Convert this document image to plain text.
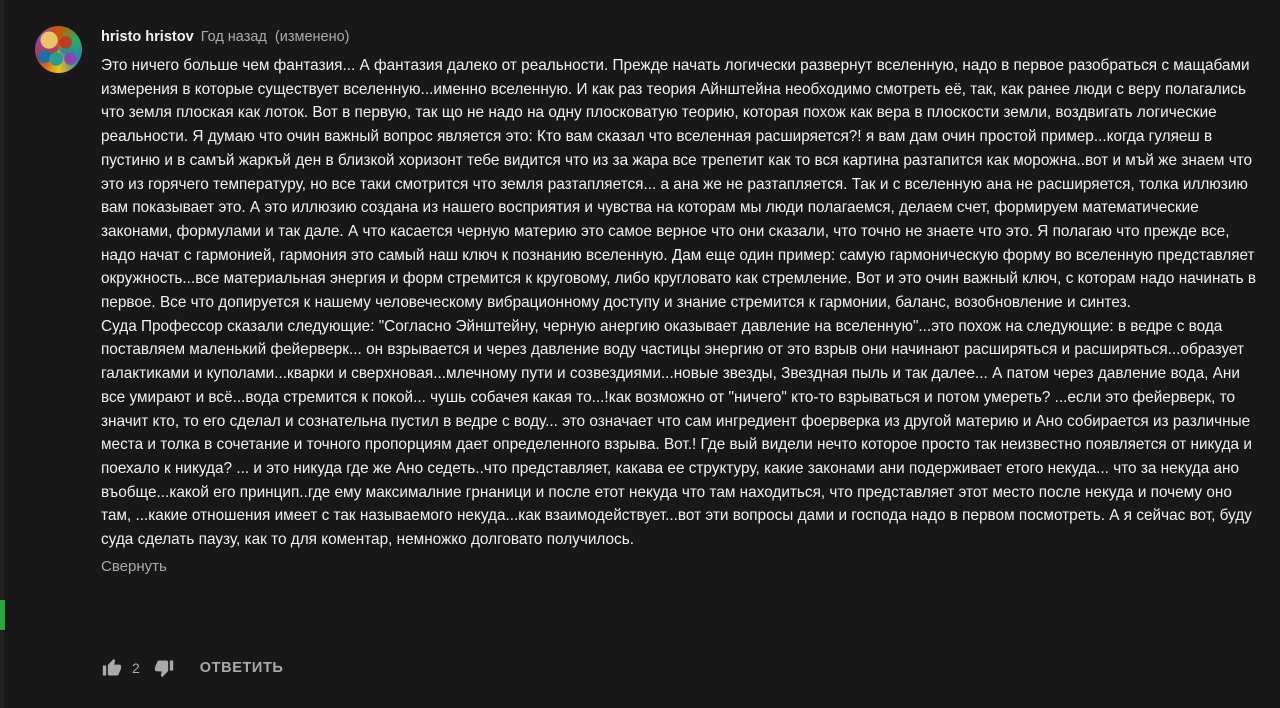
hristo hristov Год назад (изменено)

Это ничего больше чем фантазия... А фантазия далеко от реальности. Прежде начать логически развернут вселенную, надо в первое разобраться с мащабами измерения в которые существует вселенную...именно вселенную. И как раз теория Айнштейна необходимо смотреть её, так, как ранее люди с веру полагались что земля плоская как лоток. Вот в первую, так що не надо на одну плосковатую теорию, которая похож как вера в плоскости земли, воздвигать логические реальности. Я думаю что очин важный вопрос является это: Кто вам сказал что вселенная расширяется?! я вам дам очин простой пример...когда гуляеш в пустиню и в самъй жаркъй ден в близкой хоризонт тебе видится что из за жара все трепетит как то вся картина разтапится как морожна..вот и мъй же знаем что это из горячего температуру, но все таки смотрится что земля разтапляется... а ана же не разтапляется. Так и с вселенную ана не расширяется, толка иллюзию вам показывает это. А это иллюзию создана из нашего восприятия и чувства на которам мы люди полагаемся, делаем счет, формируем математические законами, формулами и так дале. А что касается черную материю это самое верное что они сказали, что точно не знаете что это. Я полагаю что прежде все, надо начат с гармонией, гармония это самый наш ключ к познанию вселенную. Дам еще один пример: самую гармоническую форму во вселенную представляет окружность...все материальная энергия и форм стремится к круговому, либо кругловато как стремление. Вот и это очин важный ключ, с которам надо начинать в первое. Все что допируется к нашему человеческому вибрационному доступу и знание стремится к гармонии, баланс, возобновление и синтез.

Суда Профессор сказали следующие: "Согласно Эйнштейну, черную анергию оказывает давление на вселенную"...это похож на следующие: в ведре с вода поставляем маленький фейерверк... он взрывается и через давление воду частицы энергию от это взрыв они начинают расширяться и расширяться...образует галактиками и куполами...кварки и сверхновая...млечному пути и созвездиями...новые звезды, Звездная пыль и так далее... А патом через давление вода, Ани все умирают и всё...вода стремится к покой... чушь собачея какая то...!как возможно от "ничего" кто-то взрываться и потом умереть? ...если это фейерверк, то значит кто, то его сделал и сознательна пустил в ведре с воду... это означает что сам ингредиент фоерверка из другой материю и Ано собирается из различные места и толка в сочетание и точного пропорциям дает определенного взрыва. Вот.! Где вый видели нечто которое просто так неизвестно появляется от никуда и поехало к никуда? ... и это никуда где же Ано седеть..что представляет, какава ее структуру, какие законами ани подерживает етого некуда... что за некуда ано въобще...какой его принцип..где ему максималние грнаници и после етот некуда что там находиться, что представляет этот место после некуда и почему оно там, ...какие отношения имеет с так называемого некуда...как взаимодействует...вот эти вопросы дами и господа надо в первом посмотреть. А я сейчас вот, буду суда сделать паузу, как то для коментар, немножко долговато получилось.

Свернуть
2	ОТВЕТИТЬ
